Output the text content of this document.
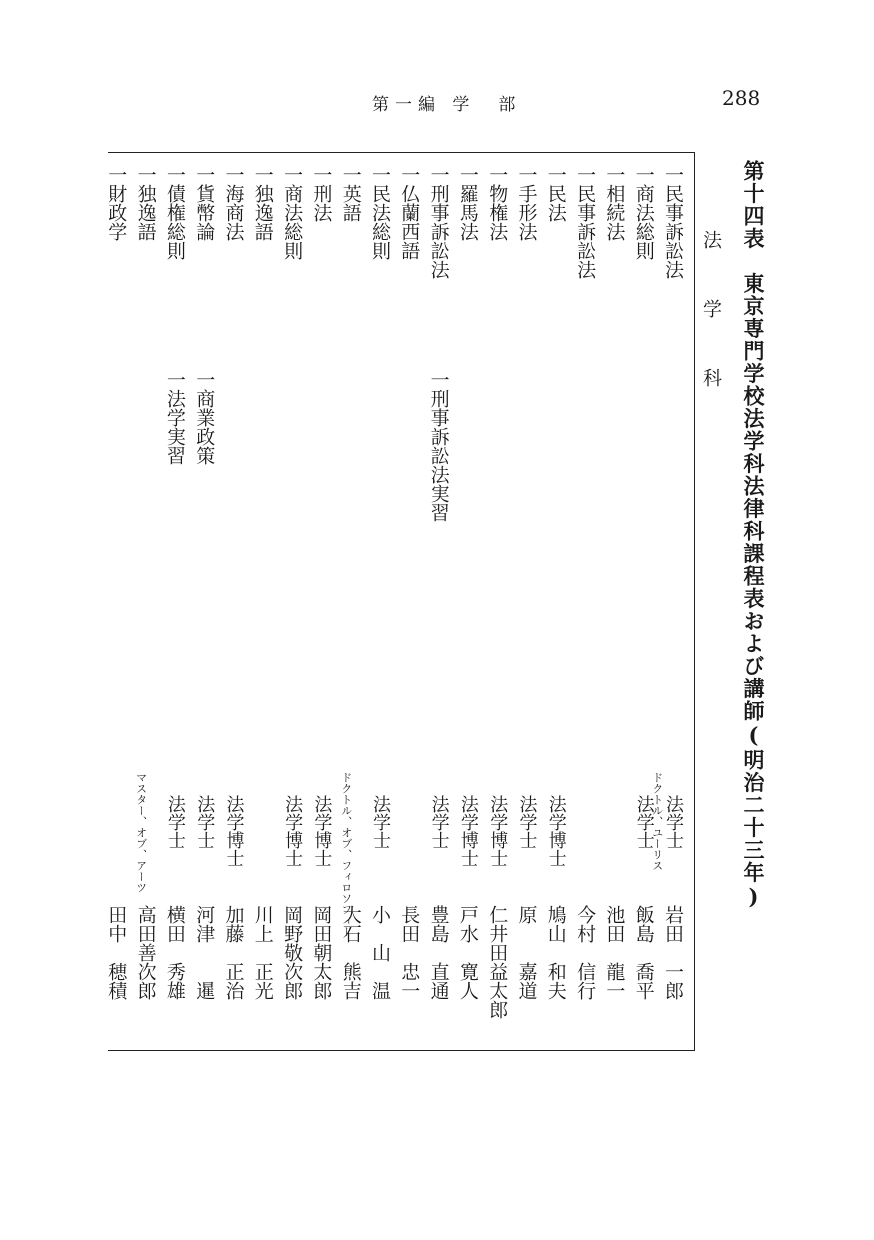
第一編 学　部	288
第十四表　東京専門学校法学科法律科課程表および講師(明治二十三年)
法 学 科
一民事訴訟法
法学士
岩田　一郎
一商法総則
法学士
ドクトル、ユーリス
飯島　喬平
一相続法
池田　龍一
一民事訴訟法
今村　信行
一民法
法学博士
鳩山　和夫
一手形法
法学士
原　　嘉道
一物権法
法学博士
仁井田益太郎
一羅馬法
法学博士
戸水　寛人
一刑事訴訟法
一刑事訴訟法実習
法学士
豊島　直通
一仏蘭西語
長田　忠一
一民法総則
法学士
小　山　温
一英語
ドクトル、オブ、フィロソフィー
大石　熊吉
一刑法
法学博士
岡田朝太郎
一商法総則
法学博士
岡野敬次郎
一独逸語
川上　正光
一海商法
法学博士
加藤　正治
一貨幣論
一商業政策
法学士
河津　　暹
一債権総則
一法学実習
法学士
横田　秀雄
一独逸語
マスター、オブ、アーツ
高田善次郎
一財政学
田中　穂積
